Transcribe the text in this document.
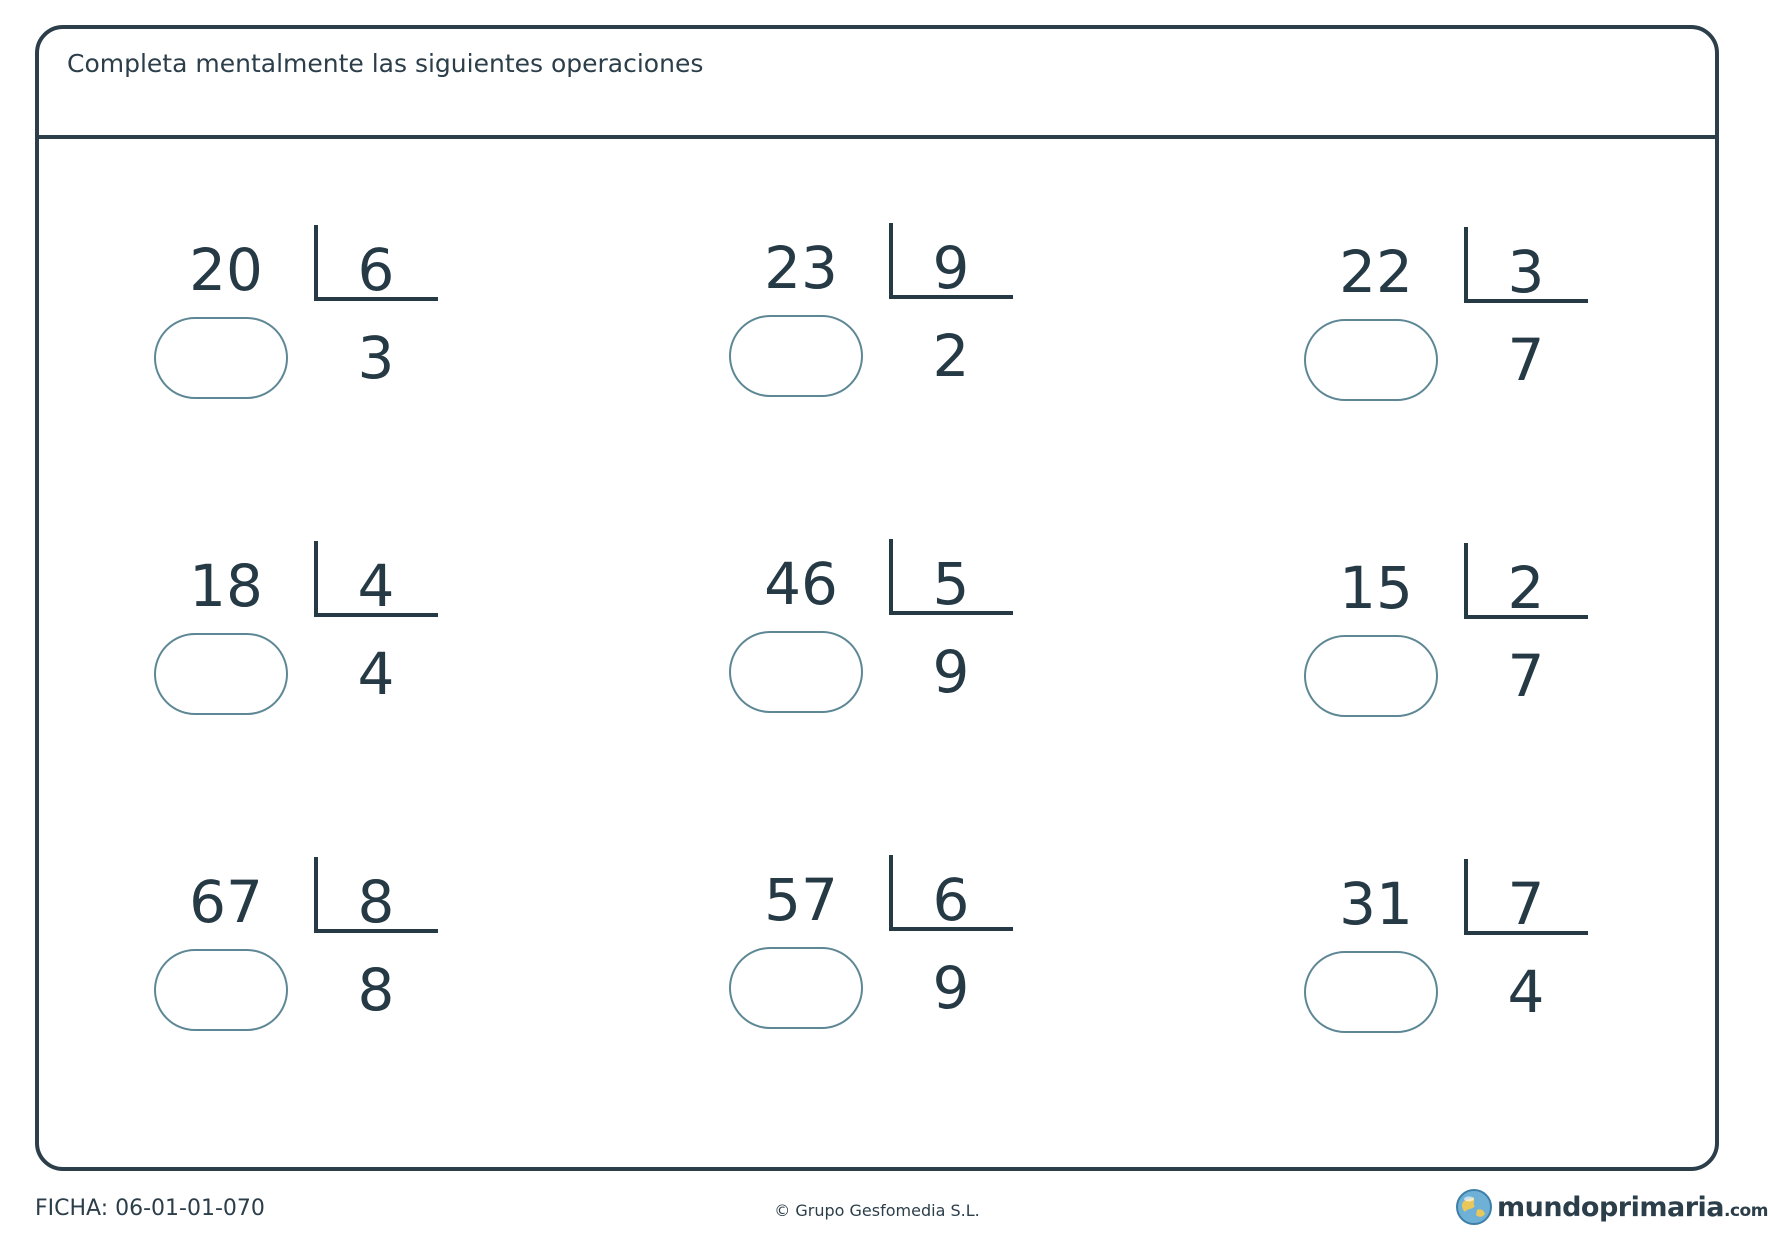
Completa mentalmente las siguientes operaciones
20	6
3
23	9
2
22	3
7
18	4
4
46	5
9
15	2
7
67	8
8
57	6
9
31	7
4
FICHA: 06-01-01-070	© Grupo Gesfomedia S.L.	mundoprimaria.com
